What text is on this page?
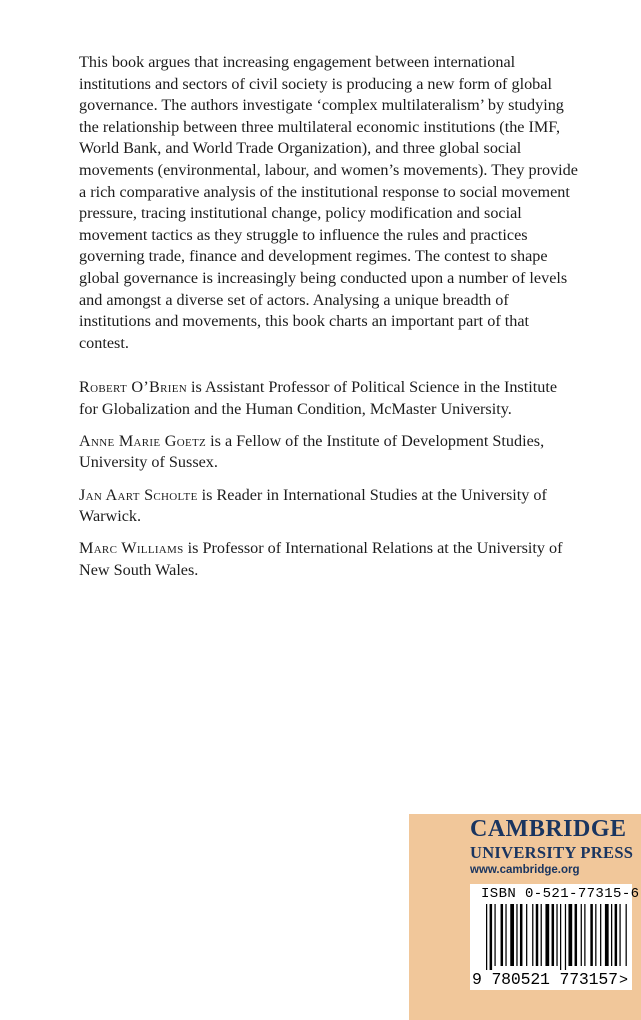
This book argues that increasing engagement between international institutions and sectors of civil society is producing a new form of global governance. The authors investigate ‘complex multilateralism’ by studying the relationship between three multilateral economic institutions (the IMF, World Bank, and World Trade Organization), and three global social movements (environmental, labour, and women’s movements). They provide a rich comparative analysis of the institutional response to social movement pressure, tracing institutional change, policy modification and social movement tactics as they struggle to influence the rules and practices governing trade, finance and development regimes. The contest to shape global governance is increasingly being conducted upon a number of levels and amongst a diverse set of actors. Analysing a unique breadth of institutions and movements, this book charts an important part of that contest.

Robert O’Brien is Assistant Professor of Political Science in the Institute for Globalization and the Human Condition, McMaster University.

Anne Marie Goetz is a Fellow of the Institute of Development Studies, University of Sussex.

Jan Aart Scholte is Reader in International Studies at the University of Warwick.

Marc Williams is Professor of International Relations at the University of New South Wales.

CAMBRIDGE
UNIVERSITY PRESS
www.cambridge.org
ISBN 0-521-77315-6
9 780521 773157 >
